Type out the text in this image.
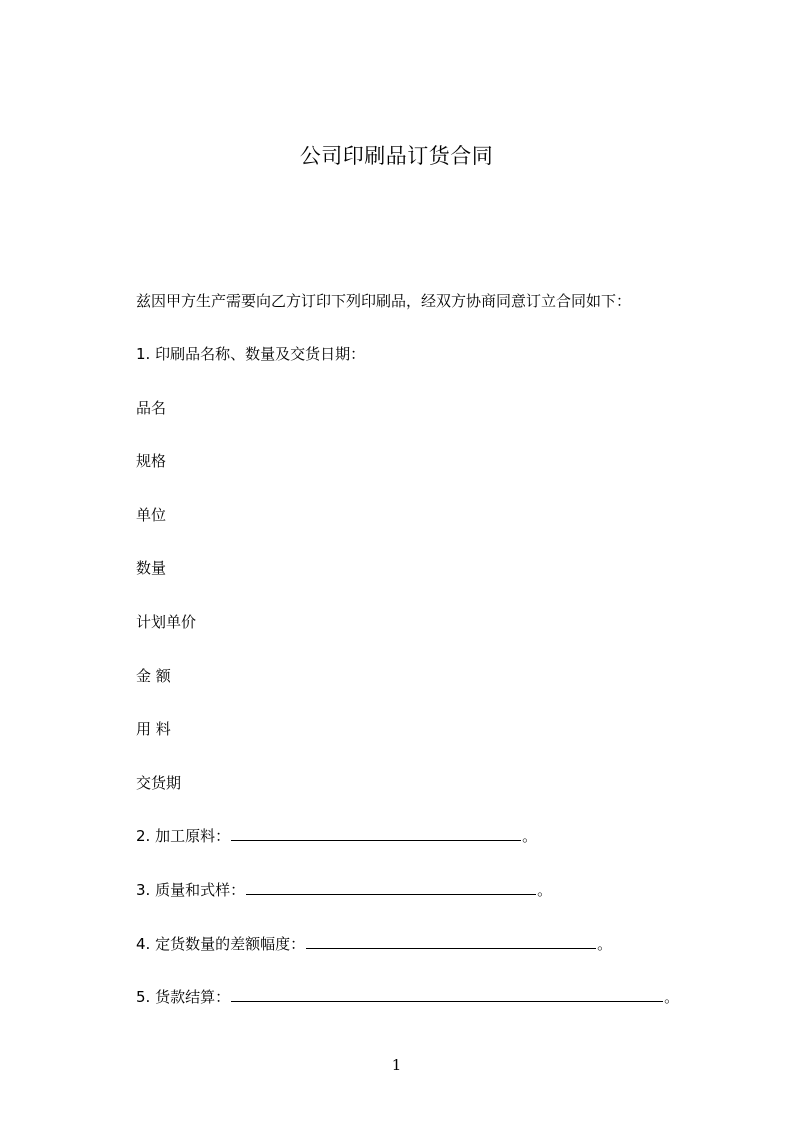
公司印刷品订货合同
兹因甲方生产需要向乙方订印下列印刷品，经双方协商同意订立合同如下：
1. 印刷品名称、数量及交货日期：
品名
规格
单位
数量
计划单价
金 额
用 料
交货期
2. 加工原料：	。
3. 质量和式样：	。
4. 定货数量的差额幅度：	。
5. 货款结算：	。
1
